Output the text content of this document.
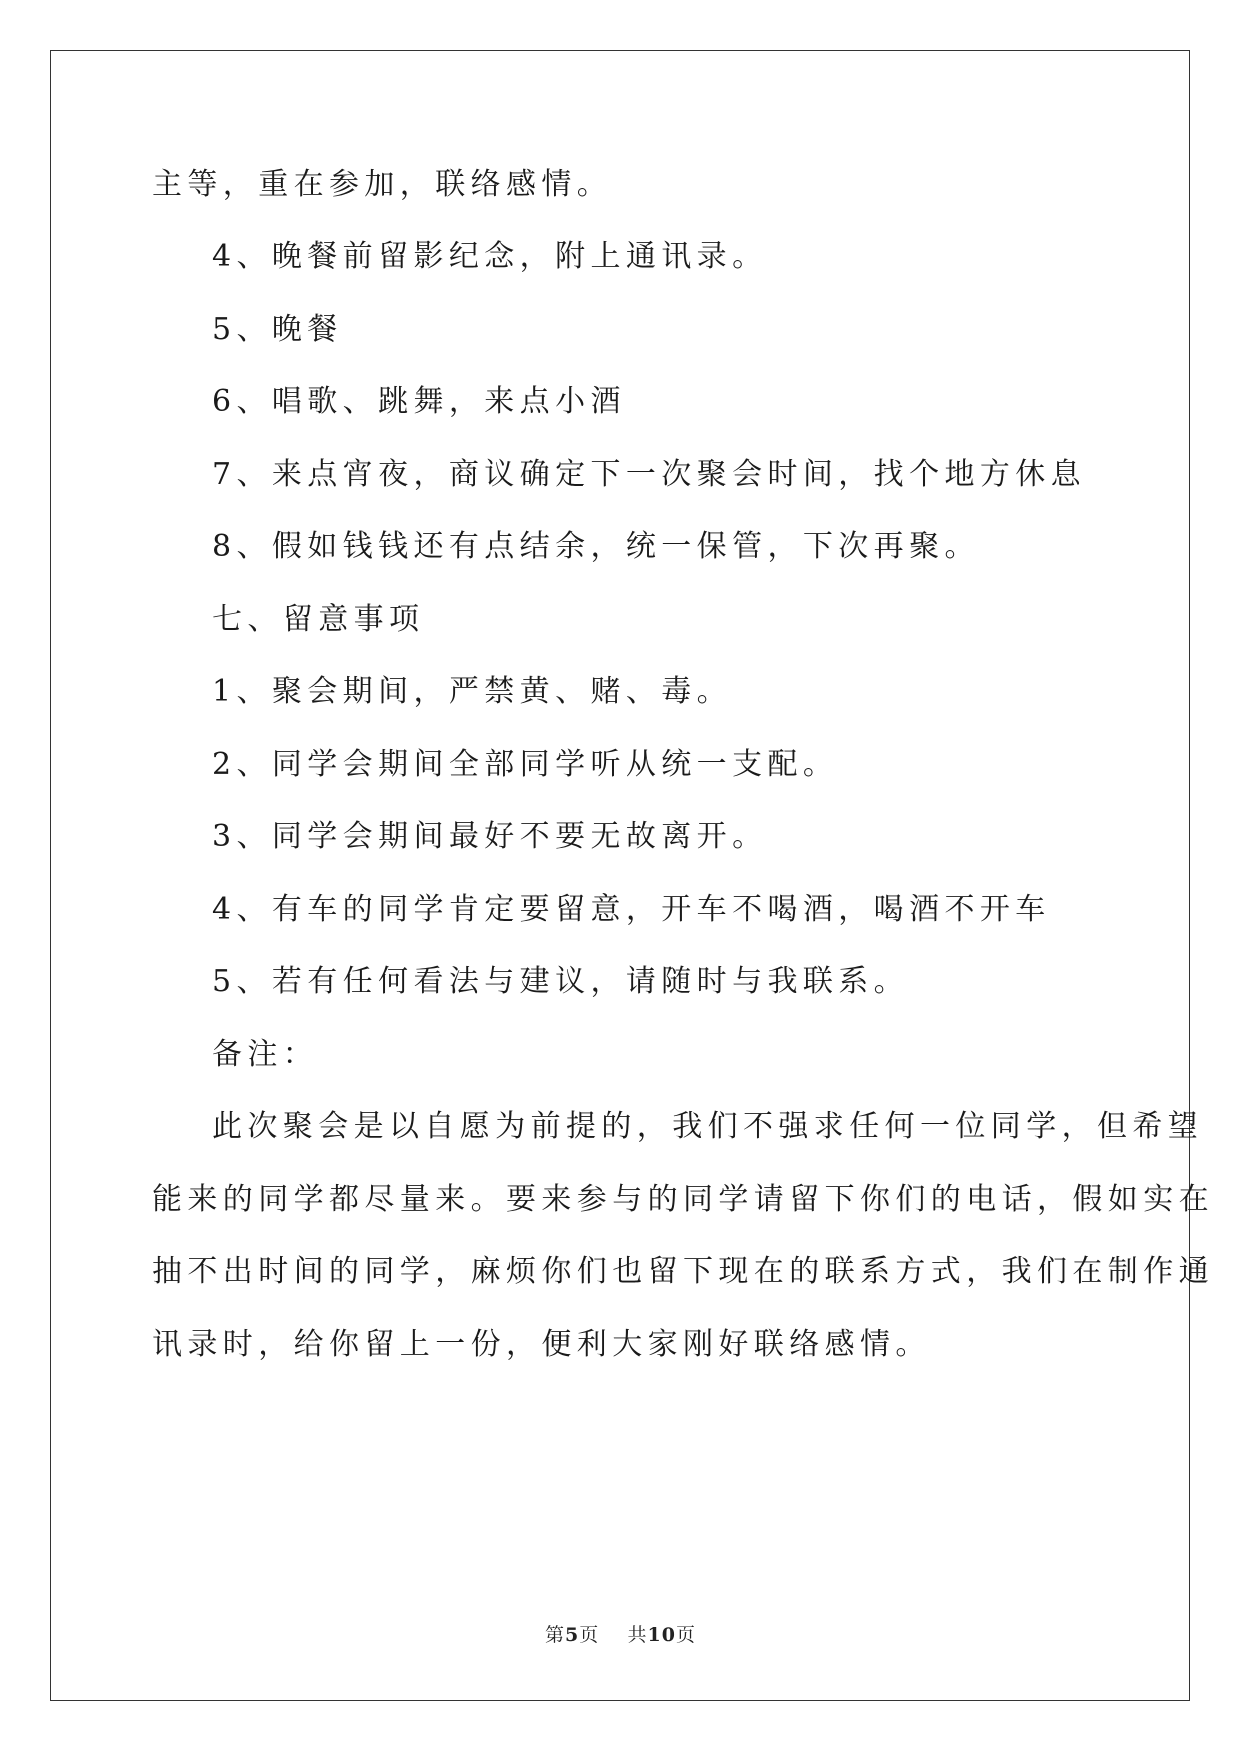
主等，重在参加，联络感情。
4、晚餐前留影纪念，附上通讯录。
5、晚餐
6、唱歌、跳舞，来点小酒
7、来点宵夜，商议确定下一次聚会时间，找个地方休息
8、假如钱钱还有点结余，统一保管，下次再聚。
七、留意事项
1、聚会期间，严禁黄、赌、毒。
2、同学会期间全部同学听从统一支配。
3、同学会期间最好不要无故离开。
4、有车的同学肯定要留意，开车不喝酒，喝酒不开车
5、若有任何看法与建议，请随时与我联系。
备注：
此次聚会是以自愿为前提的，我们不强求任何一位同学，但希望
能来的同学都尽量来。要来参与的同学请留下你们的电话，假如实在
抽不出时间的同学，麻烦你们也留下现在的联系方式，我们在制作通
讯录时，给你留上一份，便利大家刚好联络感情。
第5页 共10页
